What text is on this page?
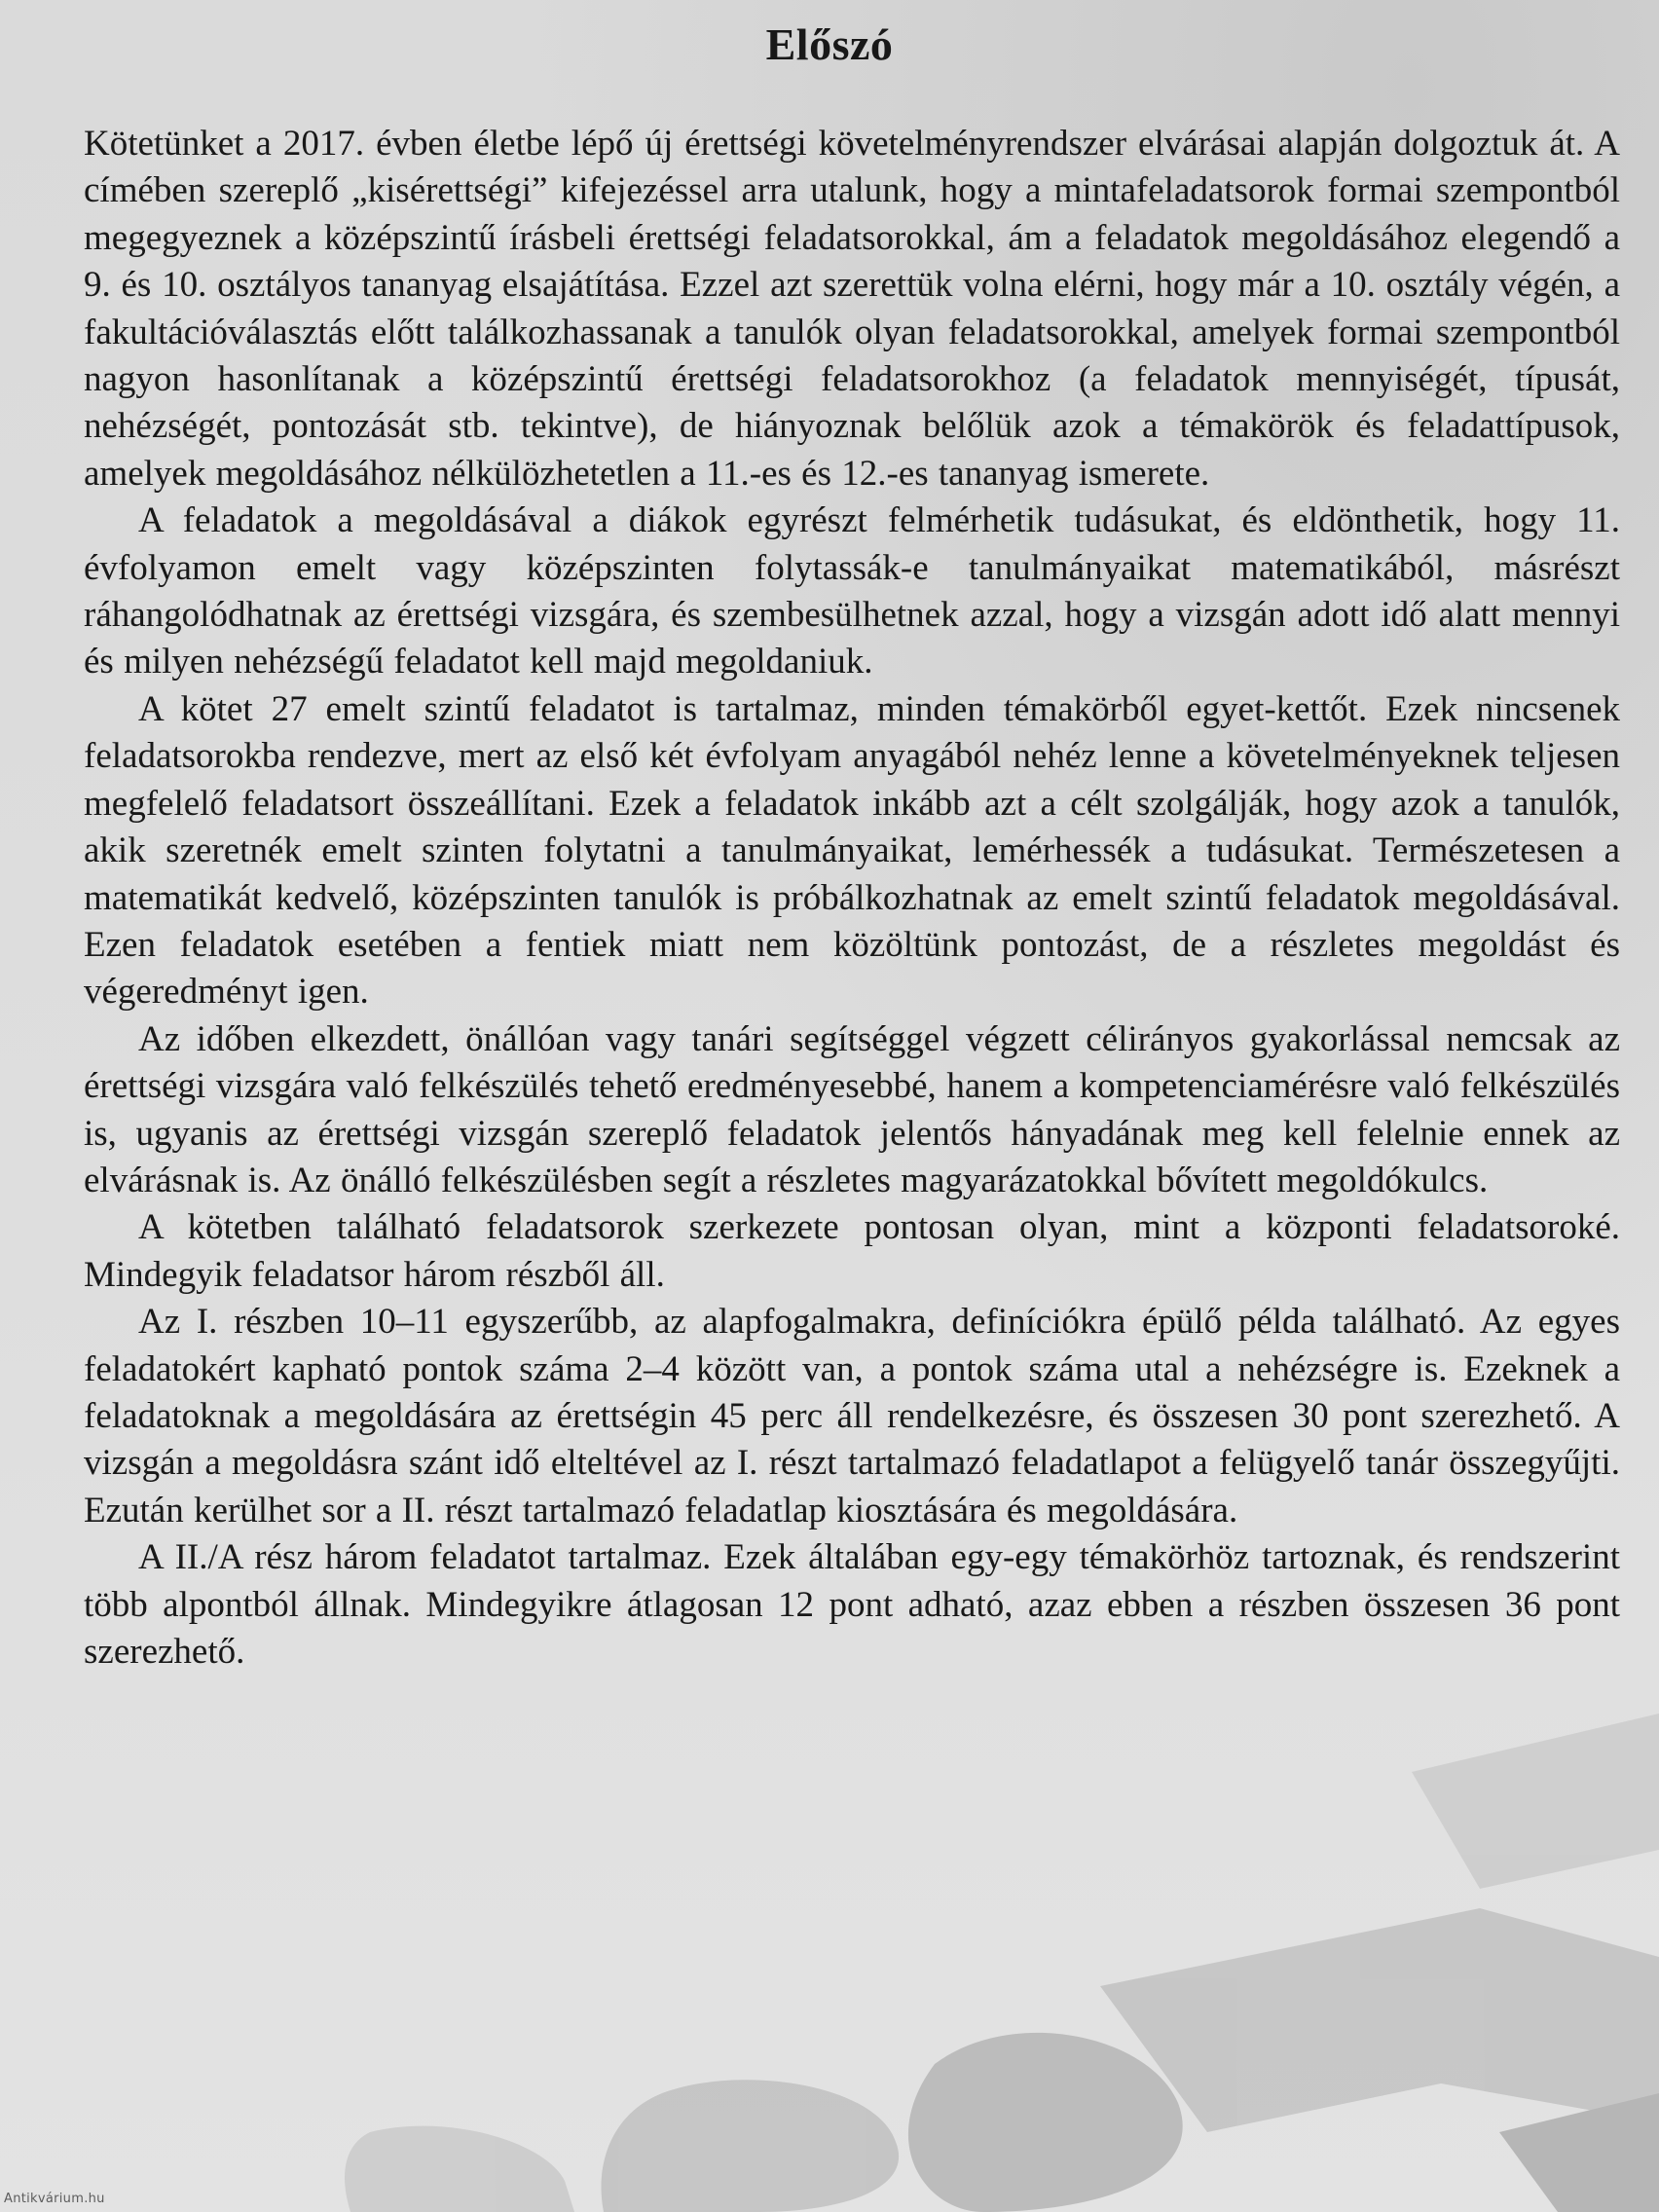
Előszó

Kötetünket a 2017. évben életbe lépő új érettségi követelményrendszer elvárásai alapján dolgoztuk át. A címében szereplő „kisérettségi” kifejezéssel arra utalunk, hogy a mintafeladatsorok formai szempontból megegyeznek a középszintű írásbeli érettségi feladatsorokkal, ám a feladatok megoldásához elegendő a 9. és 10. osztályos tananyag elsajátítása. Ezzel azt szerettük volna elérni, hogy már a 10. osztály végén, a fakultációválasztás előtt találkozhassanak a tanulók olyan feladatsorokkal, amelyek formai szempontból nagyon hasonlítanak a középszintű érettségi feladatsorokhoz (a feladatok mennyiségét, típusát, nehézségét, pontozását stb. tekintve), de hiányoznak belőlük azok a témakörök és feladattípusok, amelyek megoldásához nélkülözhetetlen a 11.-es és 12.-es tananyag ismerete.

A feladatok a megoldásával a diákok egyrészt felmérhetik tudásukat, és eldönthetik, hogy 11. évfolyamon emelt vagy középszinten folytassák-e tanulmányaikat matematikából, másrészt ráhangolódhatnak az érettségi vizsgára, és szembesülhetnek azzal, hogy a vizsgán adott idő alatt mennyi és milyen nehézségű feladatot kell majd megoldaniuk.

A kötet 27 emelt szintű feladatot is tartalmaz, minden témakörből egyet-kettőt. Ezek nincsenek feladatsorokba rendezve, mert az első két évfolyam anyagából nehéz lenne a követelményeknek teljesen megfelelő feladatsort összeállítani. Ezek a feladatok inkább azt a célt szolgálják, hogy azok a tanulók, akik szeretnék emelt szinten folytatni a tanulmányaikat, lemérhessék a tudásukat. Természetesen a matematikát kedvelő, középszinten tanulók is próbálkozhatnak az emelt szintű feladatok megoldásával. Ezen feladatok esetében a fentiek miatt nem közöltünk pontozást, de a részletes megoldást és végeredményt igen.

Az időben elkezdett, önállóan vagy tanári segítséggel végzett célirányos gyakorlással nemcsak az érettségi vizsgára való felkészülés tehető eredményesebbé, hanem a kompetenciamérésre való felkészülés is, ugyanis az érettségi vizsgán szereplő feladatok jelentős hányadának meg kell felelnie ennek az elvárásnak is. Az önálló felkészülésben segít a részletes magyarázatokkal bővített megoldókulcs.

A kötetben található feladatsorok szerkezete pontosan olyan, mint a központi feladatsoroké. Mindegyik feladatsor három részből áll.

Az I. részben 10–11 egyszerűbb, az alapfogalmakra, definíciókra épülő példa található. Az egyes feladatokért kapható pontok száma 2–4 között van, a pontok száma utal a nehézségre is. Ezeknek a feladatoknak a megoldására az érettségin 45 perc áll rendelkezésre, és összesen 30 pont szerezhető. A vizsgán a megoldásra szánt idő elteltével az I. részt tartalmazó feladatlapot a felügyelő tanár összegyűjti. Ezután kerülhet sor a II. részt tartalmazó feladatlap kiosztására és megoldására.

A II./A rész három feladatot tartalmaz. Ezek általában egy-egy témakörhöz tartoznak, és rendszerint több alpontból állnak. Mindegyikre átlagosan 12 pont adható, azaz ebben a részben összesen 36 pont szerezhető.

Antikvárium.hu
